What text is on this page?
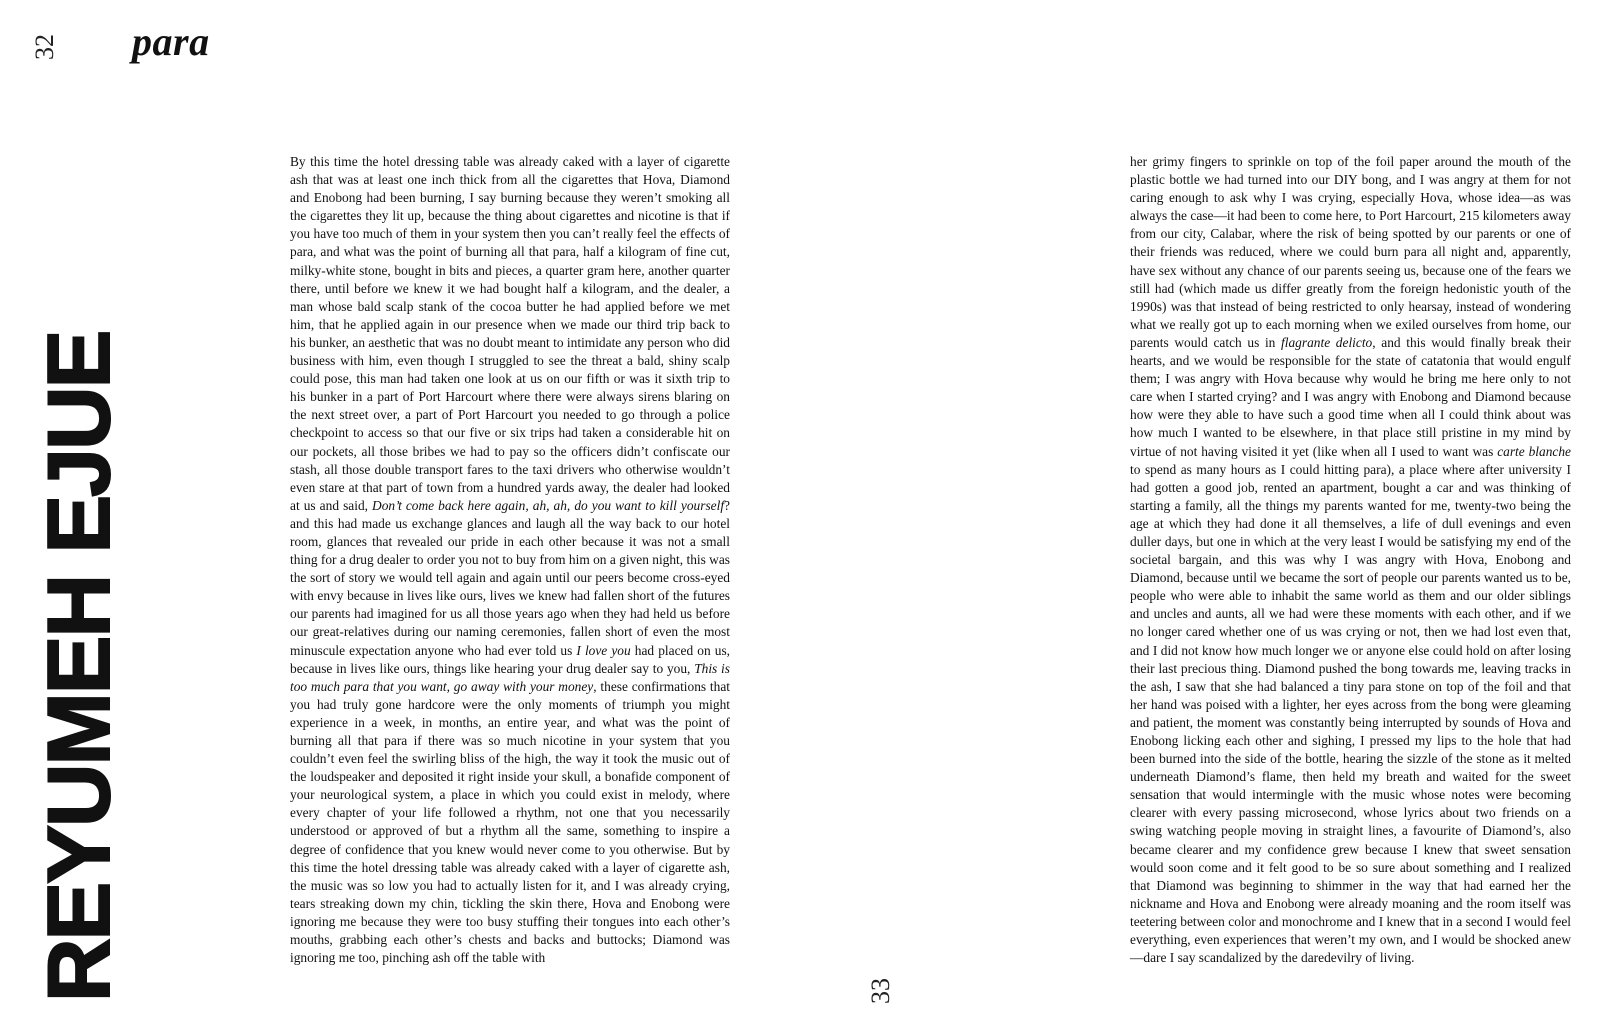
32 para
REYUMEH EJUE
By this time the hotel dressing table was already caked with a layer of cigarette ash that was at least one inch thick from all the cigarettes that Hova, Diamond and Enobong had been burning, I say burning because they weren’t smoking all the cigarettes they lit up, because the thing about cigarettes and nicotine is that if you have too much of them in your system then you can’t really feel the effects of para, and what was the point of burning all that para, half a kilogram of fine cut, milky-white stone, bought in bits and pieces, a quarter gram here, another quarter there, until before we knew it we had bought half a kilogram, and the dealer, a man whose bald scalp stank of the cocoa butter he had applied before we met him, that he applied again in our presence when we made our third trip back to his bunker, an aesthetic that was no doubt meant to intimidate any person who did business with him, even though I struggled to see the threat a bald, shiny scalp could pose, this man had taken one look at us on our fifth or was it sixth trip to his bunker in a part of Port Harcourt where there were always sirens blaring on the next street over, a part of Port Harcourt you needed to go through a police checkpoint to access so that our five or six trips had taken a considerable hit on our pockets, all those bribes we had to pay so the officers didn’t confiscate our stash, all those double transport fares to the taxi drivers who otherwise wouldn’t even stare at that part of town from a hundred yards away, the dealer had looked at us and said, Don’t come back here again, ah, ah, do you want to kill yourself? and this had made us exchange glances and laugh all the way back to our hotel room, glances that revealed our pride in each other because it was not a small thing for a drug dealer to order you not to buy from him on a given night, this was the sort of story we would tell again and again until our peers become cross-eyed with envy because in lives like ours, lives we knew had fallen short of the futures our parents had imagined for us all those years ago when they had held us before our great-relatives during our naming ceremonies, fallen short of even the most minuscule expectation anyone who had ever told us I love you had placed on us, because in lives like ours, things like hearing your drug dealer say to you, This is too much para that you want, go away with your money, these confirmations that you had truly gone hardcore were the only moments of triumph you might experience in a week, in months, an entire year, and what was the point of burning all that para if there was so much nicotine in your system that you couldn’t even feel the swirling bliss of the high, the way it took the music out of the loudspeaker and deposited it right inside your skull, a bonafide component of your neurological system, a place in which you could exist in melody, where every chapter of your life followed a rhythm, not one that you necessarily understood or approved of but a rhythm all the same, something to inspire a degree of confidence that you knew would never come to you otherwise. But by this time the hotel dressing table was already caked with a layer of cigarette ash, the music was so low you had to actually listen for it, and I was already crying, tears streaking down my chin, tickling the skin there, Hova and Enobong were ignoring me because they were too busy stuffing their tongues into each other’s mouths, grabbing each other’s chests and backs and buttocks; Diamond was ignoring me too, pinching ash off the table with
33
her grimy fingers to sprinkle on top of the foil paper around the mouth of the plastic bottle we had turned into our DIY bong, and I was angry at them for not caring enough to ask why I was crying, especially Hova, whose idea—as was always the case—it had been to come here, to Port Harcourt, 215 kilometers away from our city, Calabar, where the risk of being spotted by our parents or one of their friends was reduced, where we could burn para all night and, apparently, have sex without any chance of our parents seeing us, because one of the fears we still had (which made us differ greatly from the foreign hedonistic youth of the 1990s) was that instead of being restricted to only hearsay, instead of wondering what we really got up to each morning when we exiled ourselves from home, our parents would catch us in flagrante delicto, and this would finally break their hearts, and we would be responsible for the state of catatonia that would engulf them; I was angry with Hova because why would he bring me here only to not care when I started crying? and I was angry with Enobong and Diamond because how were they able to have such a good time when all I could think about was how much I wanted to be elsewhere, in that place still pristine in my mind by virtue of not having visited it yet (like when all I used to want was carte blanche to spend as many hours as I could hitting para), a place where after university I had gotten a good job, rented an apartment, bought a car and was thinking of starting a family, all the things my parents wanted for me, twenty-two being the age at which they had done it all themselves, a life of dull evenings and even duller days, but one in which at the very least I would be satisfying my end of the societal bargain, and this was why I was angry with Hova, Enobong and Diamond, because until we became the sort of people our parents wanted us to be, people who were able to inhabit the same world as them and our older siblings and uncles and aunts, all we had were these moments with each other, and if we no longer cared whether one of us was crying or not, then we had lost even that, and I did not know how much longer we or anyone else could hold on after losing their last precious thing. Diamond pushed the bong towards me, leaving tracks in the ash, I saw that she had balanced a tiny para stone on top of the foil and that her hand was poised with a lighter, her eyes across from the bong were gleaming and patient, the moment was constantly being interrupted by sounds of Hova and Enobong licking each other and sighing, I pressed my lips to the hole that had been burned into the side of the bottle, hearing the sizzle of the stone as it melted underneath Diamond’s flame, then held my breath and waited for the sweet sensation that would intermingle with the music whose notes were becoming clearer with every passing microsecond, whose lyrics about two friends on a swing watching people moving in straight lines, a favourite of Diamond’s, also became clearer and my confidence grew because I knew that sweet sensation would soon come and it felt good to be so sure about something and I realized that Diamond was beginning to shimmer in the way that had earned her the nickname and Hova and Enobong were already moaning and the room itself was teetering between color and monochrome and I knew that in a second I would feel everything, even experiences that weren’t my own, and I would be shocked anew—dare I say scandalized by the daredevilry of living.
